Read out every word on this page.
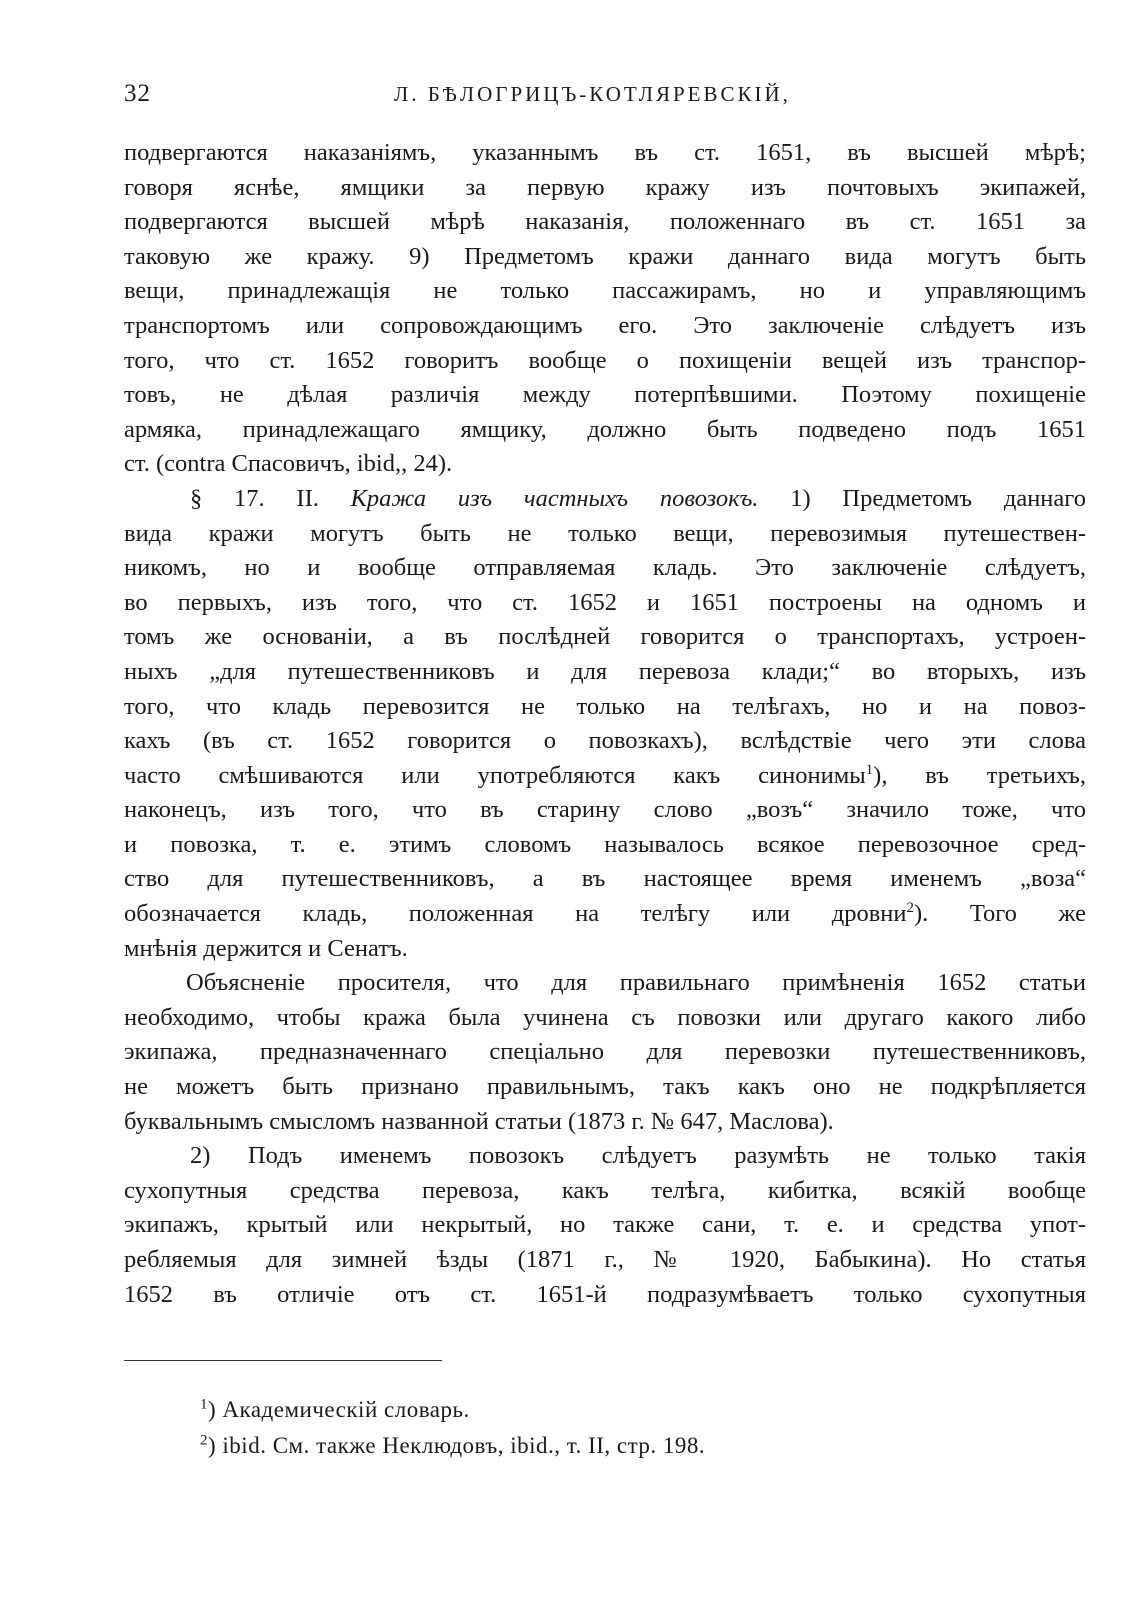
32	Л. БѢЛОГРИЦЪ-КОТЛЯРЕВСКІЙ,
подвергаются наказаніямъ, указаннымъ въ ст. 1651, въ высшей мѣрѣ;
говоря яснѣе, ямщики за первую кражу изъ почтовыхъ экипажей,
подвергаются высшей мѣрѣ наказанія, положеннаго въ ст. 1651 за
таковую же кражу. 9) Предметомъ кражи даннаго вида могутъ быть
вещи, принадлежащія не только пассажирамъ, но и управляющимъ
транспортомъ или сопровождающимъ его. Это заключеніе слѣдуетъ изъ
того, что ст. 1652 говоритъ вообще о похищеніи вещей изъ транспор-
товъ, не дѣлая различія между потерпѣвшими. Поэтому похищеніе
армяка, принадлежащаго ямщику, должно быть подведено подъ 1651
ст. (contra Спасовичъ, ibid,, 24).
§ 17. II. Кража изъ частныхъ повозокъ. 1) Предметомъ даннаго
вида кражи могутъ быть не только вещи, перевозимыя путешествен-
никомъ, но и вообще отправляемая кладь. Это заключеніе слѣдуетъ,
во первыхъ, изъ того, что ст. 1652 и 1651 построены на одномъ и
томъ же основаніи, а въ послѣдней говорится о транспортахъ, устроен-
ныхъ „для путешественниковъ и для перевоза клади;“ во вторыхъ, изъ
того, что кладь перевозится не только на телѣгахъ, но и на повоз-
кахъ (въ ст. 1652 говорится о повозкахъ), вслѣдствіе чего эти слова
часто смѣшиваются или употребляются какъ синонимы$^1$), въ третьихъ,
наконецъ, изъ того, что въ старину слово „возъ“ значило тоже, что
и повозка, т. е. этимъ словомъ называлось всякое перевозочное сред-
ство для путешественниковъ, а въ настоящее время именемъ „воза“
обозначается кладь, положенная на телѣгу или дровни$^2$). Того же
мнѣнія держится и Сенатъ.
Объясненіе просителя, что для правильнаго примѣненія 1652 статьи
необходимо, чтобы кража была учинена съ повозки или другаго какого либо
экипажа, предназначеннаго спеціально для перевозки путешественниковъ,
не можетъ быть признано правильнымъ, такъ какъ оно не подкрѣпляется
буквальнымъ смысломъ названной статьи (1873 г. № 647, Маслова).
2) Подъ именемъ повозокъ слѣдуетъ разумѣть не только такія
сухопутныя средства перевоза, какъ телѣга, кибитка, всякій вообще
экипажъ, крытый или некрытый, но также сани, т. е. и средства упот-
ребляемыя для зимней ѣзды (1871 г., № 1920, Бабыкина). Но статья
1652 въ отличіе отъ ст. 1651-й подразумѣваетъ только сухопутныя
$^1$) Академическій словарь.
$^2$) ibid. См. также Неклюдовъ, ibid., т. II, стр. 198.
